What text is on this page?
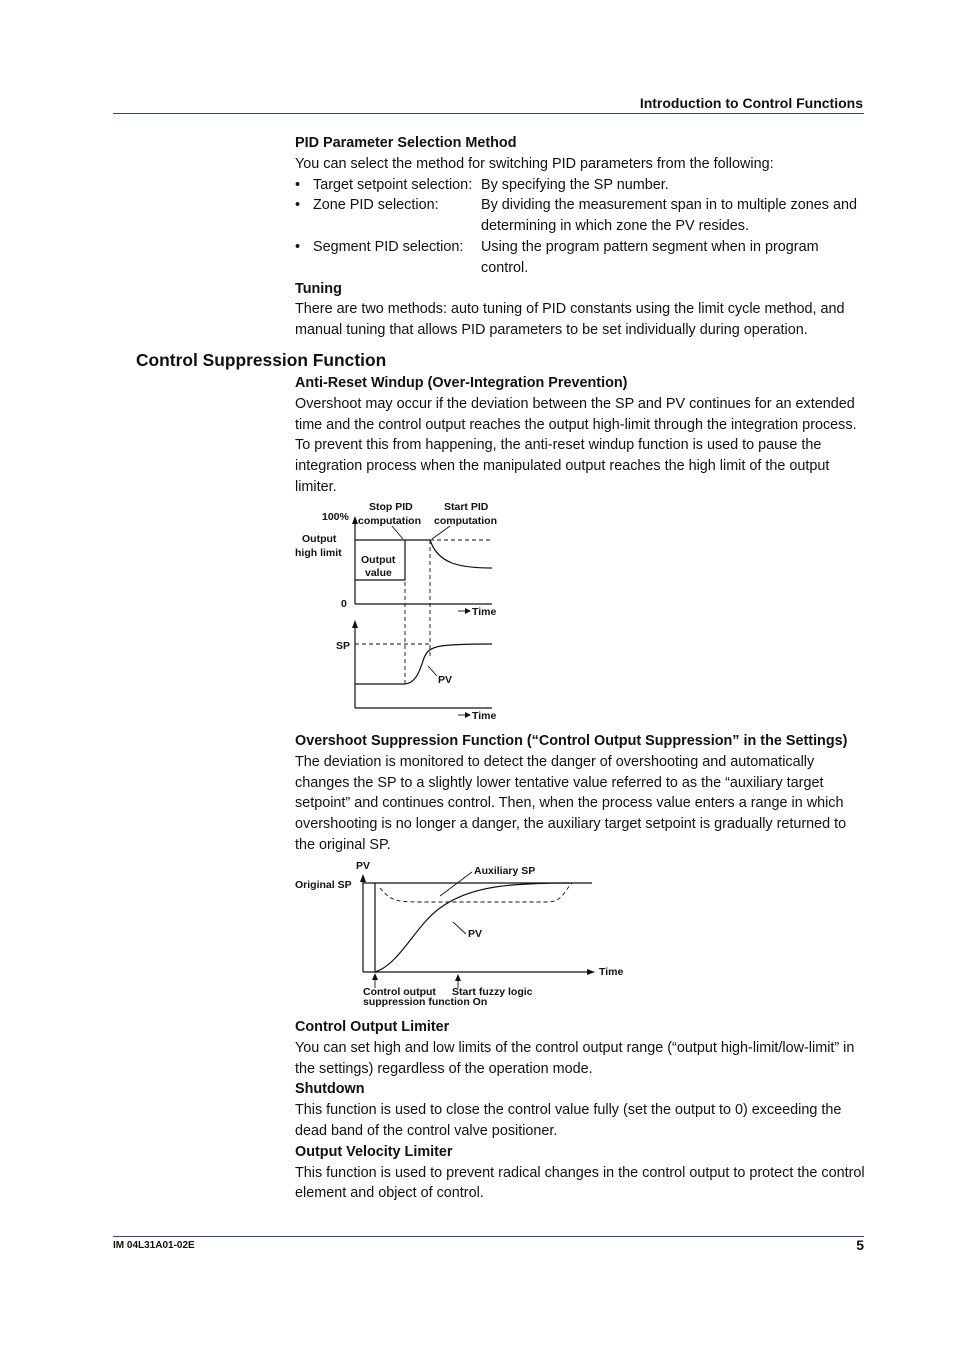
Introduction to Control Functions
PID Parameter Selection Method

You can select the method for switching PID parameters from the following:

• Target setpoint selection: By specifying the SP number.
• Zone PID selection:	By dividing the measurement span in to multiple zones and determining in which zone the PV resides.
• Segment PID selection: Using the program pattern segment when in program control.
Tuning

There are two methods: auto tuning of PID constants using the limit cycle method, and manual tuning that allows PID parameters to be set individually during operation.

Control Suppression Function
Anti-Reset Windup (Over-Integration Prevention)

Overshoot may occur if the deviation between the SP and PV continues for an extended time and the control output reaches the output high-limit through the integration process. To prevent this from happening, the anti-reset windup function is used to pause the integration process when the manipulated output reaches the high limit of the output limiter.

100%
Output
high limit
Stop PID
computation
Start PID
computation
Output
value
0
Time
SP
PV
Time
Overshoot Suppression Function (“Control Output Suppression” in the Settings)

The deviation is monitored to detect the danger of overshooting and automatically changes the SP to a slightly lower tentative value referred to as the “auxiliary target setpoint” and continues control. Then, when the process value enters a range in which overshooting is no longer a danger, the auxiliary target setpoint is gradually returned to the original SP.

PV
Original SP
Auxiliary SP
PV
Time
Control output
suppression function On
Start fuzzy logic
Control Output Limiter

You can set high and low limits of the control output range (“output high-limit/low-limit” in the settings) regardless of the operation mode.

Shutdown

This function is used to close the control value fully (set the output to 0) exceeding the dead band of the control valve positioner.

Output Velocity Limiter

This function is used to prevent radical changes in the control output to protect the control element and object of control.

IM 04L31A01-02E	5
